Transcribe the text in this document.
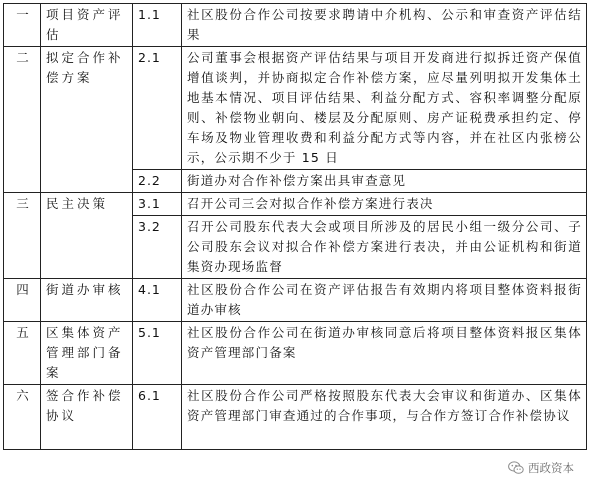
一	项目资产评估	1.1	社区股份合作公司按要求聘请中介机构、公示和审查资产评估结果
二	拟定合作补偿方案	2.1	公司董事会根据资产评估结果与项目开发商进行拟拆迁资产保值增值谈判，并协商拟定合作补偿方案，应尽量列明拟开发集体土地基本情况、项目评估结果、利益分配方式、容积率调整分配原则、补偿物业朝向、楼层及分配原则、房产证税费承担约定、停车场及物业管理收费和利益分配方式等内容，并在社区内张榜公示，公示期不少于 15 日
		2.2	街道办对合作补偿方案出具审查意见
三	民主决策	3.1	召开公司三会对拟合作补偿方案进行表决
		3.2	召开公司股东代表大会或项目所涉及的居民小组一级分公司、子公司股东会议对拟合作补偿方案进行表决，并由公证机构和街道集资办现场监督
四	街道办审核	4.1	社区股份合作公司在资产评估报告有效期内将项目整体资料报街道办审核
五	区集体资产管理部门备案	5.1	社区股份合作公司在街道办审核同意后将项目整体资料报区集体资产管理部门备案
六	签合作补偿协议	6.1	社区股份合作公司严格按照股东代表大会审议和街道办、区集体资产管理部门审查通过的合作事项，与合作方签订合作补偿协议
西政资本
